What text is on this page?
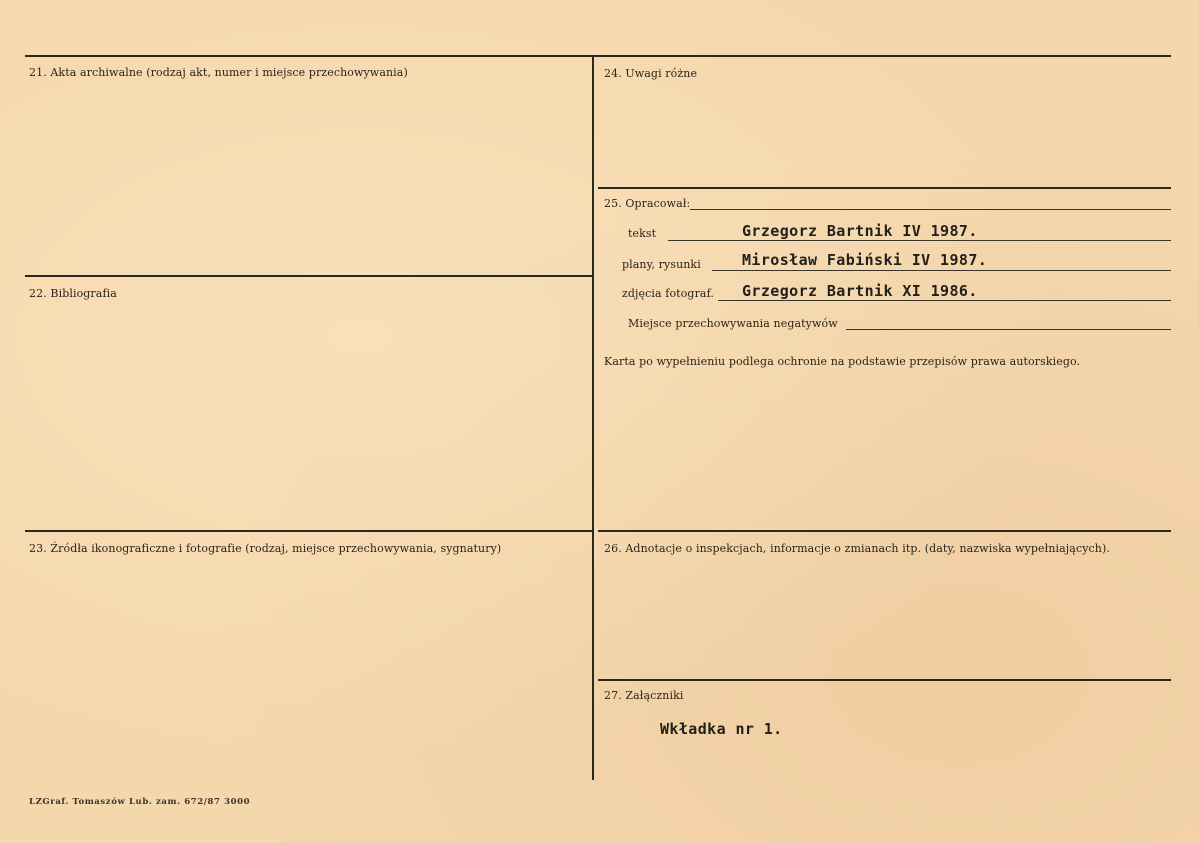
21. Akta archiwalne (rodzaj akt, numer i miejsce przechowywania)
22. Bibliografia
23. Źródła ikonograficzne i fotografie (rodzaj, miejsce przechowywania, sygnatury)
24. Uwagi różne
25. Opracował:
tekst	Grzegorz Bartnik IV 1987.
plany, rysunki	Mirosław Fabiński IV 1987.
zdjęcia fotograf. Grzegorz Bartnik XI 1986.
Miejsce przechowywania negatywów
Karta po wypełnieniu podlega ochronie na podstawie przepisów prawa autorskiego.
26. Adnotacje o inspekcjach, informacje o zmianach itp. (daty, nazwiska wypełniających).
27. Załączniki
Wkładka nr 1.
LZGraf. Tomaszów Lub. zam. 672/87 3000
